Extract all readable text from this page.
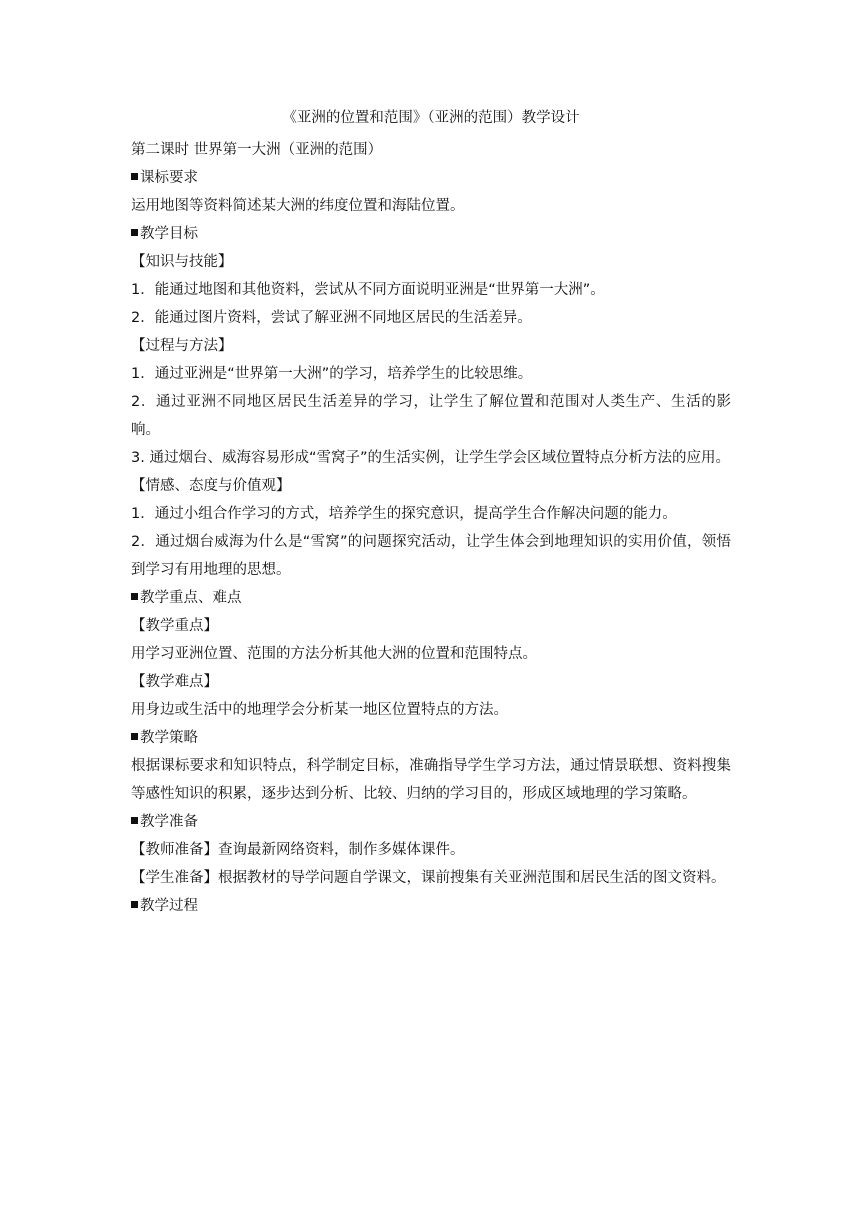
《亚洲的位置和范围》（亚洲的范围）教学设计
第二课时 世界第一大洲（亚洲的范围）
课标要求
运用地图等资料简述某大洲的纬度位置和海陆位置。
教学目标
【知识与技能】
1．能通过地图和其他资料，尝试从不同方面说明亚洲是“世界第一大洲”。
2．能通过图片资料，尝试了解亚洲不同地区居民的生活差异。
【过程与方法】
1．通过亚洲是“世界第一大洲”的学习，培养学生的比较思维。
2．通过亚洲不同地区居民生活差异的学习，让学生了解位置和范围对人类生产、生活的影响。
3. 通过烟台、威海容易形成“雪窝子”的生活实例，让学生学会区域位置特点分析方法的应用。
【情感、态度与价值观】
1．通过小组合作学习的方式，培养学生的探究意识，提高学生合作解决问题的能力。
2．通过烟台威海为什么是“雪窝”的问题探究活动，让学生体会到地理知识的实用价值，领悟到学习有用地理的思想。
教学重点、难点
【教学重点】
用学习亚洲位置、范围的方法分析其他大洲的位置和范围特点。
【教学难点】
用身边或生活中的地理学会分析某一地区位置特点的方法。
教学策略
根据课标要求和知识特点，科学制定目标，准确指导学生学习方法，通过情景联想、资料搜集等感性知识的积累，逐步达到分析、比较、归纳的学习目的，形成区域地理的学习策略。
教学准备
【教师准备】查询最新网络资料，制作多媒体课件。
【学生准备】根据教材的导学问题自学课文，课前搜集有关亚洲范围和居民生活的图文资料。
教学过程
